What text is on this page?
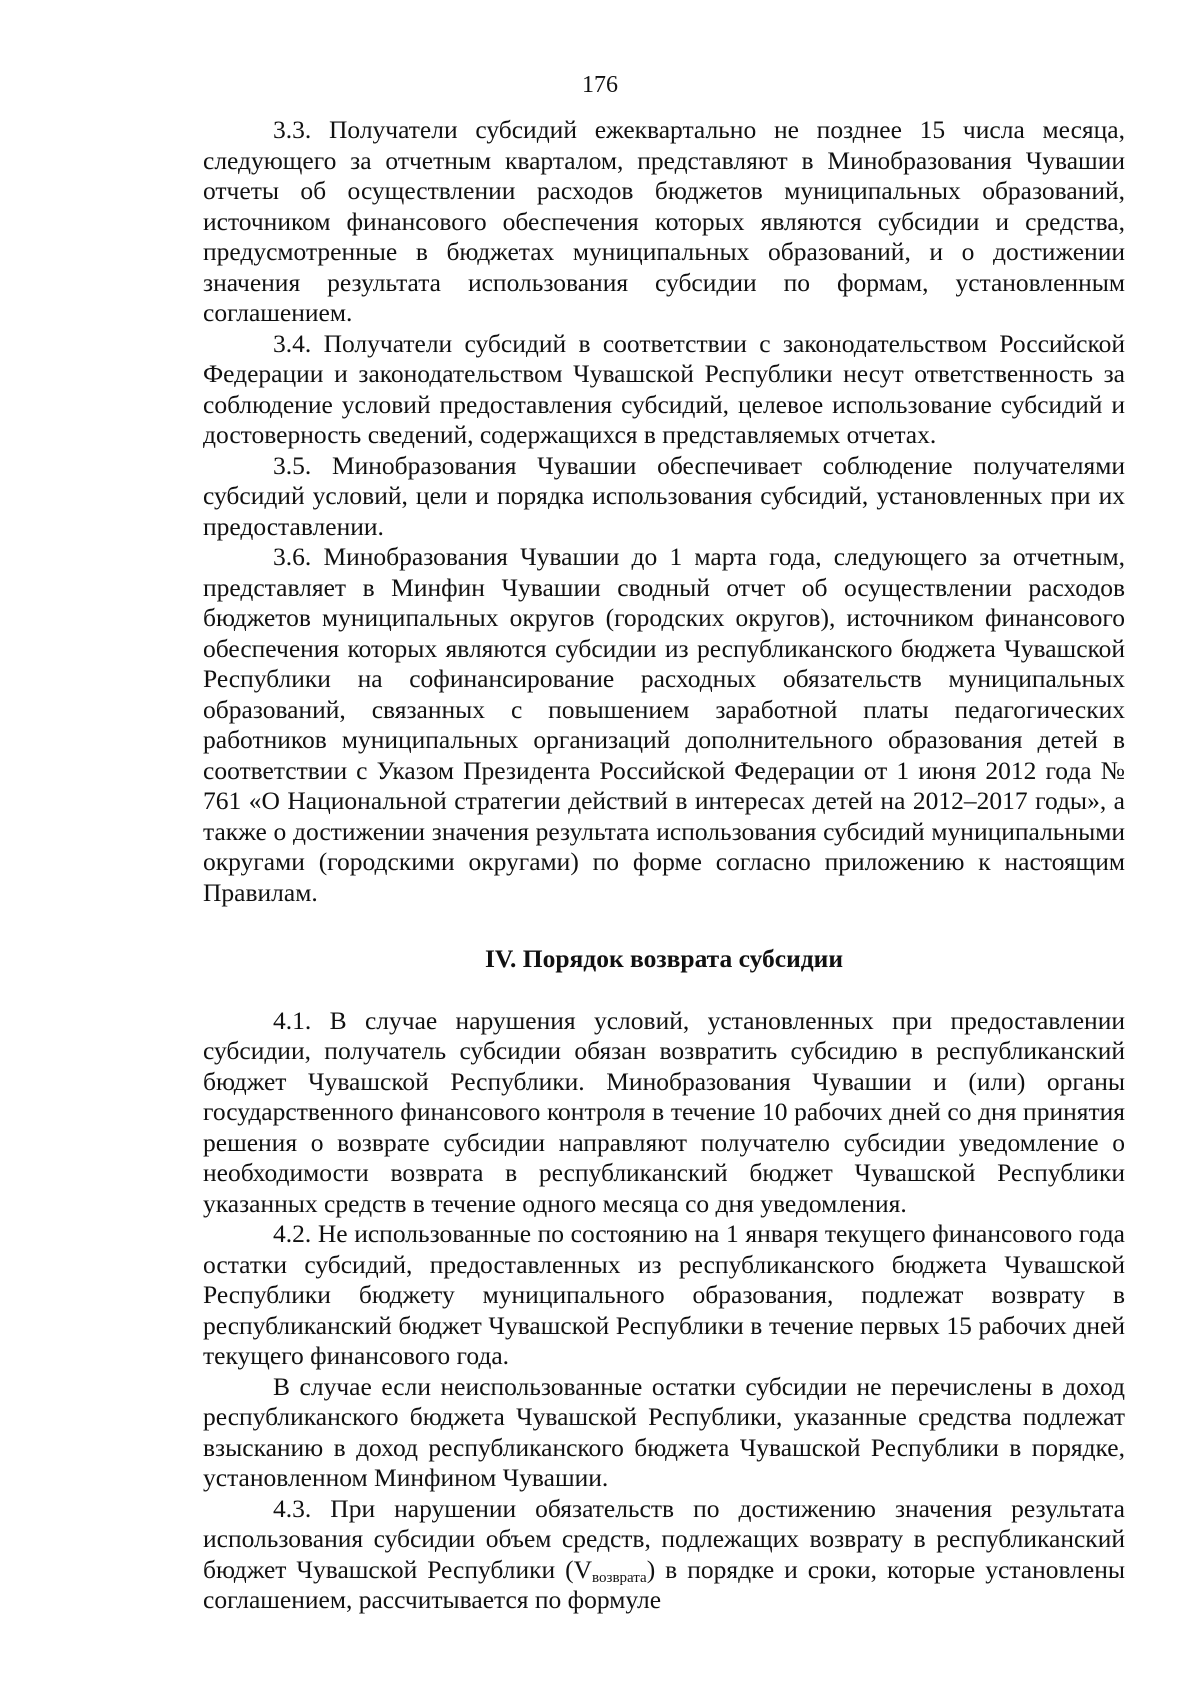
176

3.3. Получатели субсидий ежеквартально не позднее 15 числа месяца, следующего за отчетным кварталом, представляют в Минобразования Чувашии отчеты об осуществлении расходов бюджетов муниципальных образований, источником финансового обеспечения которых являются субсидии и средства, предусмотренные в бюджетах муниципальных образований, и о достижении значения результата использования субсидии по формам, установленным соглашением.

3.4. Получатели субсидий в соответствии с законодательством Российской Федерации и законодательством Чувашской Республики несут ответственность за соблюдение условий предоставления субсидий, целевое использование субсидий и достоверность сведений, содержащихся в представляемых отчетах.

3.5. Минобразования Чувашии обеспечивает соблюдение получателями субсидий условий, цели и порядка использования субсидий, установленных при их предоставлении.

3.6. Минобразования Чувашии до 1 марта года, следующего за отчетным, представляет в Минфин Чувашии сводный отчет об осуществлении расходов бюджетов муниципальных округов (городских округов), источником финансового обеспечения которых являются субсидии из республиканского бюджета Чувашской Республики на софинансирование расходных обязательств муниципальных образований, связанных с повышением заработной платы педагогических работников муниципальных организаций дополнительного образования детей в соответствии с Указом Президента Российской Федерации от 1 июня 2012 года № 761 «О Национальной стратегии действий в интересах детей на 2012–2017 годы», а также о достижении значения результата использования субсидий муниципальными округами (городскими округами) по форме согласно приложению к настоящим Правилам.

IV. Порядок возврата субсидии

4.1. В случае нарушения условий, установленных при предоставлении субсидии, получатель субсидии обязан возвратить субсидию в республиканский бюджет Чувашской Республики. Минобразования Чувашии и (или) органы государственного финансового контроля в течение 10 рабочих дней со дня принятия решения о возврате субсидии направляют получателю субсидии уведомление о необходимости возврата в республиканский бюджет Чувашской Республики указанных средств в течение одного месяца со дня уведомления.

4.2. Не использованные по состоянию на 1 января текущего финансового года остатки субсидий, предоставленных из республиканского бюджета Чувашской Республики бюджету муниципального образования, подлежат возврату в республиканский бюджет Чувашской Республики в течение первых 15 рабочих дней текущего финансового года.

В случае если неиспользованные остатки субсидии не перечислены в доход республиканского бюджета Чувашской Республики, указанные средства подлежат взысканию в доход республиканского бюджета Чувашской Республики в порядке, установленном Минфином Чувашии.

4.3. При нарушении обязательств по достижению значения результата использования субсидии объем средств, подлежащих возврату в республиканский бюджет Чувашской Республики $(V_{возврата})$ в порядке и сроки, которые установлены соглашением, рассчитывается по формуле
